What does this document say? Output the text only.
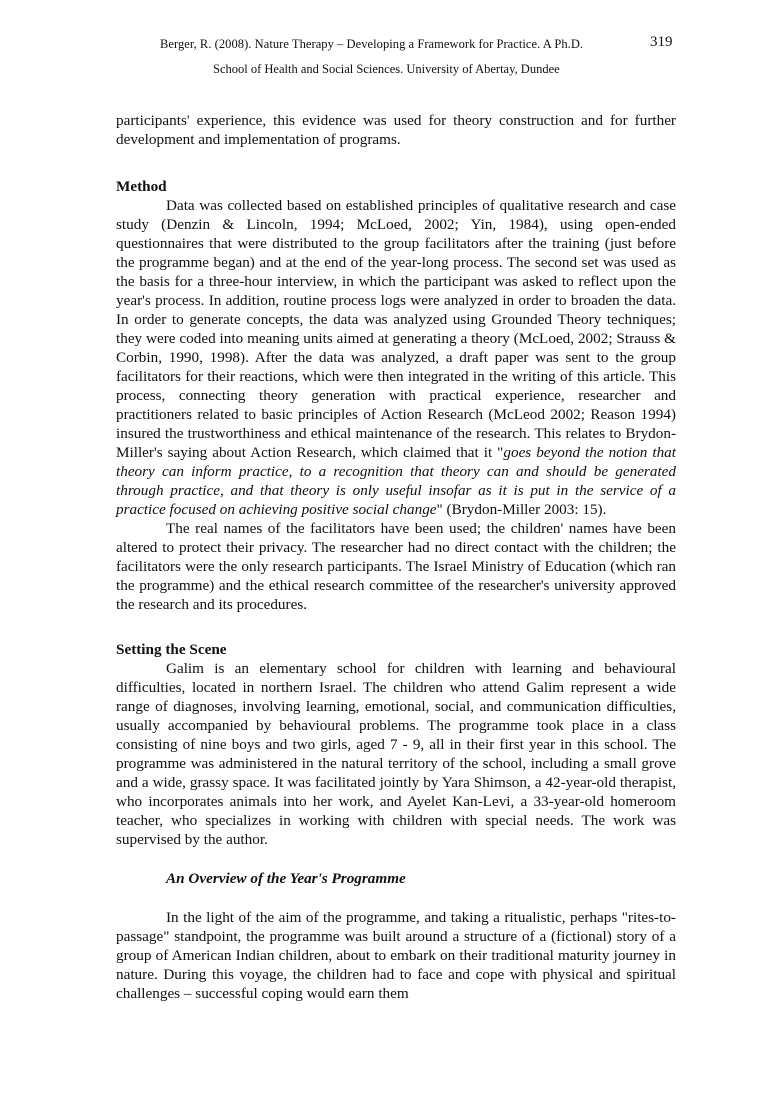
Berger, R. (2008). Nature Therapy – Developing a Framework for Practice. A Ph.D.	319
School of Health and Social Sciences. University of Abertay, Dundee

participants' experience, this evidence was used for theory construction and for further development and implementation of programs.

Method

Data was collected based on established principles of qualitative research and case study (Denzin & Lincoln, 1994; McLoed, 2002; Yin, 1984), using open-ended questionnaires that were distributed to the group facilitators after the training (just before the programme began) and at the end of the year-long process. The second set was used as the basis for a three-hour interview, in which the participant was asked to reflect upon the year's process. In addition, routine process logs were analyzed in order to broaden the data. In order to generate concepts, the data was analyzed using Grounded Theory techniques; they were coded into meaning units aimed at generating a theory (McLoed, 2002; Strauss & Corbin, 1990, 1998). After the data was analyzed, a draft paper was sent to the group facilitators for their reactions, which were then integrated in the writing of this article. This process, connecting theory generation with practical experience, researcher and practitioners related to basic principles of Action Research (McLeod 2002; Reason 1994) insured the trustworthiness and ethical maintenance of the research. This relates to Brydon-Miller's saying about Action Research, which claimed that it "goes beyond the notion that theory can inform practice, to a recognition that theory can and should be generated through practice, and that theory is only useful insofar as it is put in the service of a practice focused on achieving positive social change" (Brydon-Miller 2003: 15).

The real names of the facilitators have been used; the children' names have been altered to protect their privacy. The researcher had no direct contact with the children; the facilitators were the only research participants. The Israel Ministry of Education (which ran the programme) and the ethical research committee of the researcher's university approved the research and its procedures.

Setting the Scene

Galim is an elementary school for children with learning and behavioural difficulties, located in northern Israel. The children who attend Galim represent a wide range of diagnoses, involving learning, emotional, social, and communication difficulties, usually accompanied by behavioural problems. The programme took place in a class consisting of nine boys and two girls, aged 7 - 9, all in their first year in this school. The programme was administered in the natural territory of the school, including a small grove and a wide, grassy space. It was facilitated jointly by Yara Shimson, a 42-year-old therapist, who incorporates animals into her work, and Ayelet Kan-Levi, a 33-year-old homeroom teacher, who specializes in working with children with special needs. The work was supervised by the author.

An Overview of the Year's Programme

In the light of the aim of the programme, and taking a ritualistic, perhaps "rites-to-passage" standpoint, the programme was built around a structure of a (fictional) story of a group of American Indian children, about to embark on their traditional maturity journey in nature. During this voyage, the children had to face and cope with physical and spiritual challenges – successful coping would earn them
